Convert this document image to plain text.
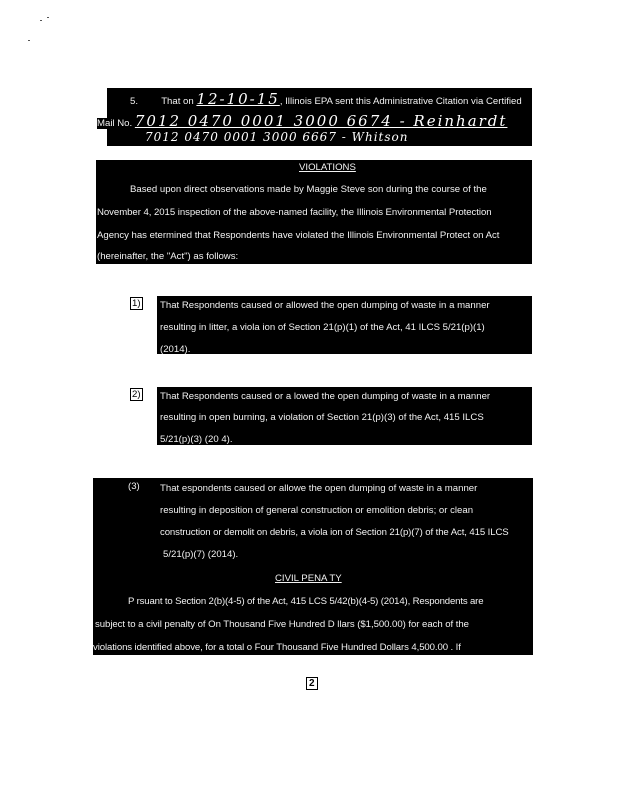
5. That on 12-10-15, Illinois EPA sent this Administrative Citation via Certified
Mail No. 7012 0470 0001 3000 6674 - Reinhardt
7012 0470 0001 3000 6667 - Whitson
VIOLATIONS
Based upon direct observations made by Maggie Steve son during the course of the
November 4, 2015 inspection of the above-named facility, the Illinois Environmental Protection
Agency has etermined that Respondents have violated the Illinois Environmental Protect on Act
(hereinafter, the "Act") as follows:
1) That Respondents caused or allowed the open dumping of waste in a manner
resulting in litter, a viola ion of Section 21(p)(1) of the Act, 41 ILCS 5/21(p)(1)
(2014).
2) That Respondents caused or a lowed the open dumping of waste in a manner
resulting in open burning, a violation of Section 21(p)(3) of the Act, 415 ILCS
5/21(p)(3) (20 4).
(3) That espondents caused or allowe the open dumping of waste in a manner
resulting in deposition of general construction or emolition debris; or clean
construction or demolit on debris, a viola ion of Section 21(p)(7) of the Act, 415 ILCS
5/21(p)(7) (2014).
CIVIL PENA TY
P rsuant to Section 2(b)(4-5) of the Act, 415 LCS 5/42(b)(4-5) (2014), Respondents are
subject to a civil penalty of On Thousand Five Hundred D llars ($1,500.00) for each of the
violations identified above, for a total o Four Thousand Five Hundred Dollars 4,500.00 . If
2
